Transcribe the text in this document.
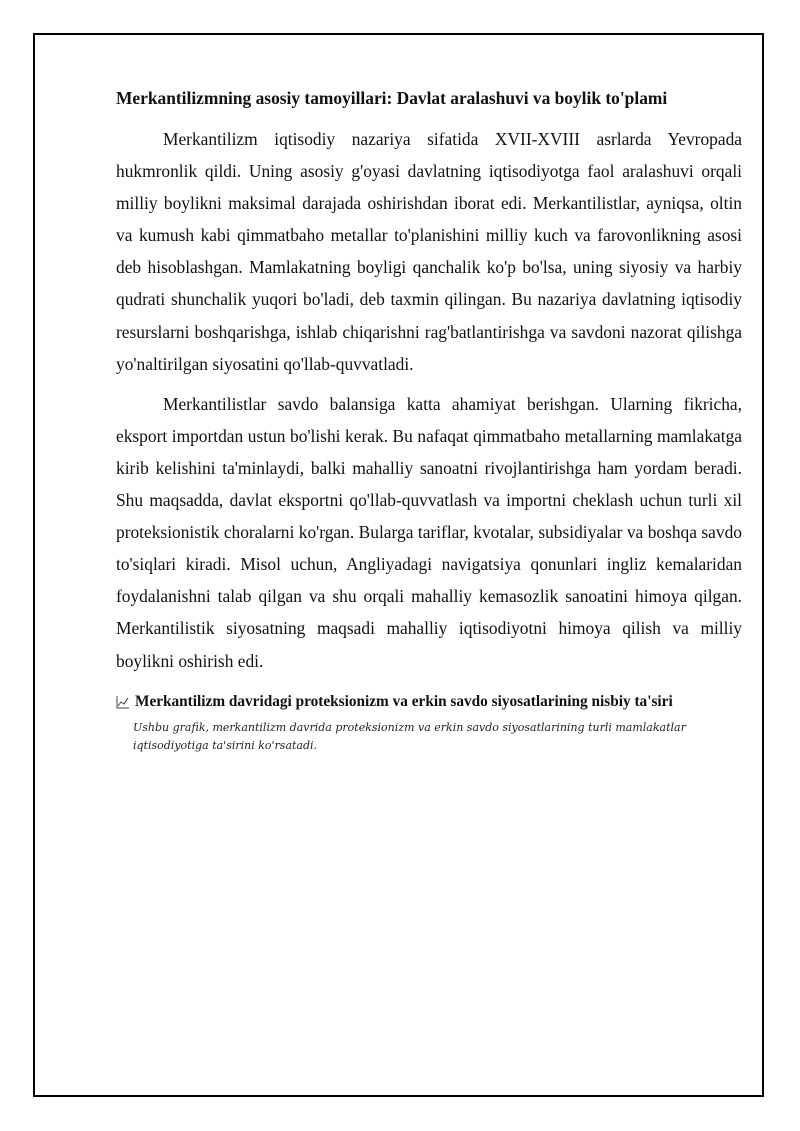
Merkantilizmning asosiy tamoyillari: Davlat aralashuvi va boylik to'plami

Merkantilizm iqtisodiy nazariya sifatida XVII-XVIII asrlarda Yevropada hukmronlik qildi. Uning asosiy g'oyasi davlatning iqtisodiyotga faol aralashuvi orqali milliy boylikni maksimal darajada oshirishdan iborat edi. Merkantilistlar, ayniqsa, oltin va kumush kabi qimmatbaho metallar to'planishini milliy kuch va farovonlikning asosi deb hisoblashgan. Mamlakatning boyligi qanchalik ko'p bo'lsa, uning siyosiy va harbiy qudrati shunchalik yuqori bo'ladi, deb taxmin qilingan. Bu nazariya davlatning iqtisodiy resurslarni boshqarishga, ishlab chiqarishni rag'batlantirishga va savdoni nazorat qilishga yo'naltirilgan siyosatini qo'llab-quvvatladi.

Merkantilistlar savdo balansiga katta ahamiyat berishgan. Ularning fikricha, eksport importdan ustun bo'lishi kerak. Bu nafaqat qimmatbaho metallarning mamlakatga kirib kelishini ta'minlaydi, balki mahalliy sanoatni rivojlantirishga ham yordam beradi. Shu maqsadda, davlat eksportni qo'llab-quvvatlash va importni cheklash uchun turli xil proteksionistik choralarni ko'rgan. Bularga tariflar, kvotalar, subsidiyalar va boshqa savdo to'siqlari kiradi. Misol uchun, Angliyadagi navigatsiya qonunlari ingliz kemalaridan foydalanishni talab qilgan va shu orqali mahalliy kemasozlik sanoatini himoya qilgan. Merkantilistik siyosatning maqsadi mahalliy iqtisodiyotni himoya qilish va milliy boylikni oshirish edi.

Merkantilizm davridagi proteksionizm va erkin savdo siyosatlarining nisbiy ta'siri
Ushbu grafik, merkantilizm davrida proteksionizm va erkin savdo siyosatlarining turli mamlakatlar iqtisodiyotiga ta'sirini ko'rsatadi.
